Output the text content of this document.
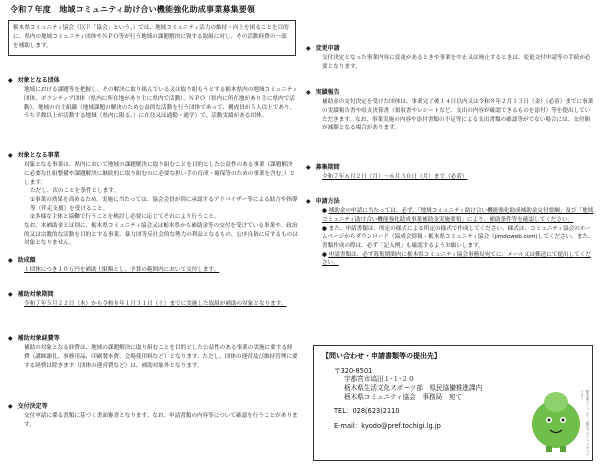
令和７年度　地域コミュニティ助け合い機能強化助成事業募集要領
栃木県コミュニティ協会（以下「協会」という。）では、地域コミュニティ活力の維持・向上を図ることを目的に、県内の地域コミュニティ団体やＮＰＯ等が行う地域の課題解決に資する取組に対し、その活動経費の一部を補助します。
◆ 対象となる団体

地域における課題等を把握し、その解決に取り組んでいる又は取り組もうとする栃木県内の地域コミュニティ団体、ボランティア団体（県内に所在地があり主に県内で活動）、ＮＰＯ（県内に所在地があり主に県内で活動）、地域の自主組織（地域課題の解決のため公益的な活動を行う団体であって、構成員が５人以上であり、うち半数以上が活動する地域（県内に限る。）に在住又は通勤・通学）で、活動実績がある団体。

◆ 対象となる事業

対象となる事業は、県内において地域の課題解決に取り組むことを目的とした公益性のある事業（課題解決に必要な仕組整備や課題解決に継続的に取り組むのに必要な担い手の育成・確保等のための事業を含む。）とします。

ただし、次のことを条件とします。

①事業の効果を高めるため、実施に当たっては、協会会員が別に承認するアドバイザー等による助言や指導等（伴走支援）を受けること。

②多様な主体と協働で行うことを検討し必要に応じてそれにより行うこと。

なお、本補助金とは別に、栃木県コミュニティ協会又は栃木県から補助金等の交付を受けている事業や、政治的又は宗教的な活動を目的とする事業、暴力団等反社会的な勢力の利益となるもの、公序良俗に反するものは対象となりません。

◆ 助成額

１団体につき１０万円を補助上限額とし、予算の範囲内において交付します。

◆ 補助対象期間

令和７年５月２２日（木）から令和８年１月３１日（土）までに実施した取組が補助の対象となります。

◆ 補助対象経費等

補助の対象となる経費は、地域の課題解決に取り組むことを目的とした公益性のある事業の実施に要する経費（講師謝礼、事務用品、印刷製本費、会場使用料など）となります。ただし、団体の運営及び維持管理に要する経費は除きます（団体の運営費など）は、補助対象外となります。

◆ 交付決定等

交付申請に係る書類に基づく書面審査となります。なお、申請書類の内容等について確認を行うことがあります。

◆ 変更申請

交付決定となった事業内容に変更があるときや事業を中止又は廃止するときは、変更交付申請等の手続が必要となります。

◆ 実績報告

補助金の交付決定を受けた団体は、事業完了後１４日以内又は令和８年２月１３日（金）（必着）までに事業の実績報告書や収支決算書（領収書やレシートなど、支出の内容が確認できるものを添付）等を提出していただきます。なお、事業実施の内容や添付書類の不足等による支出書類の確認等がでない場合には、交付額が減額となる場合があります。

◆ 募集期間

令和７年６月２日（月）～６月３０日（月）まで（必着）

◆ 申請方法

● 補助金の申請に当たっては、必ず、「地域コミュニティ助け合い機能強化助成補助金交付要綱」及び「地域コミュニティ助け合い機能強化助成事業補助金実施要領」により、補助条件等を確認してください。

● また、申請書類は、所定の様式による所定の様式で作成してください。様式は、コミュニティ協会のホームページからダウンロード（協成会情報 - 栃木県コミュニティ協会（jimdoweb.com)してください。また、書類作成の際は、必ず「記入例」も確認するようお願いします。

● 申請書類は、必ず募集期間内に栃木県コミュニティ協会事務局宛てに、メール又は郵送にて提出してください。

【問い合わせ・申請書類等の提出先】
〒320-8501
宇都宮市塙田１-１-２０
栃木県生活文化スポーツ部　県民協働推進課内
栃木県コミュニティ協会　事務局　宛て
TEL：028(623)2110
E-mail：kyodo@pref.tochigi.lg.jp	栃木県コミュニティ協会マスコットキャラクター
